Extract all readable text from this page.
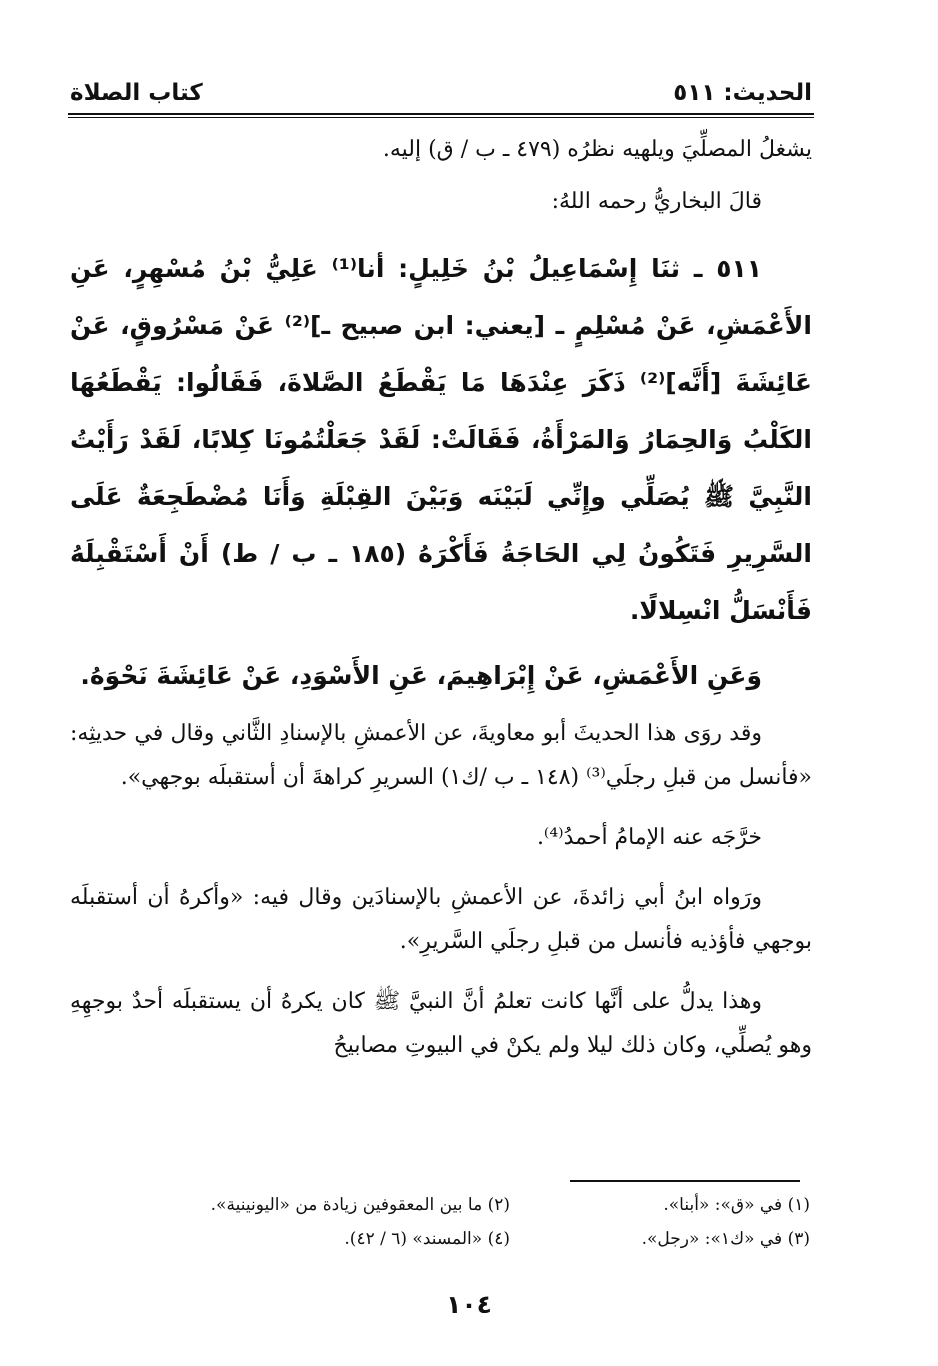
الحديث: ٥١١
كتاب الصلاة

يشغلُ المصلِّيَ ويلهيه نظرُه (٤٧٩ ـ ب / ق) إليه.

قالَ البخاريُّ رحمه اللهُ:

٥١١ ـ ثنَا إِسْمَاعِيلُ بْنُ خَلِيلٍ: أنا⁽¹⁾ عَلِيُّ بْنُ مُسْهِرٍ، عَنِ الأَعْمَشِ، عَنْ مُسْلِمٍ ـ [يعني: ابن صبيح ـ]⁽²⁾ عَنْ مَسْرُوقٍ، عَنْ عَائِشَةَ [أَنَّه]⁽²⁾ ذَكَرَ عِنْدَهَا مَا يَقْطَعُ الصَّلاةَ، فَقَالُوا: يَقْطَعُهَا الكَلْبُ وَالحِمَارُ وَالمَرْأَةُ، فَقَالَتْ: لَقَدْ جَعَلْتُمُونَا كِلابًا، لَقَدْ رَأَيْتُ النَّبِيَّ ﷺ يُصَلِّي وإِنِّي لَبَيْنَه وَبَيْنَ القِبْلَةِ وَأَنَا مُضْطَجِعَةٌ عَلَى السَّرِيرِ فَتَكُونُ لِي الحَاجَةُ فَأَكْرَهُ (١٨٥ ـ ب / ط) أَنْ أَسْتَقْبِلَهُ فَأَنْسَلُّ انْسِلالًا.

وَعَنِ الأَعْمَشِ، عَنْ إِبْرَاهِيمَ، عَنِ الأَسْوَدِ، عَنْ عَائِشَةَ نَحْوَهُ.

وقد روَى هذا الحديثَ أبو معاويةَ، عن الأعمشِ بالإسنادِ الثَّاني وقال في حديثِه: «فأنسل من قبلِ رجلَي⁽³⁾ (١٤٨ ـ ب /ك١) السريرِ كراهةَ أن أستقبلَه بوجهي».

خرَّجَه عنه الإمامُ أحمدُ⁽⁴⁾.

ورَواه ابنُ أبي زائدةَ، عن الأعمشِ بالإسنادَين وقال فيه: «وأكرهُ أن أستقبلَه بوجهي فأؤذيه فأنسل من قبلِ رجلَي السَّريرِ».

وهذا يدلُّ على أنَّها كانت تعلمُ أنَّ النبيَّ ﷺ كان يكرهُ أن يستقبلَه أحدٌ بوجهِهِ وهو يُصلِّي، وكان ذلك ليلا ولم يكنْ في البيوتِ مصابيحُ

(١) في «ق»: «أبنا».
(٢) ما بين المعقوفين زيادة من «اليونينية».
(٣) في «ك١»: «رجل».
(٤) «المسند» (٦ / ٤٢).
١٠٤
